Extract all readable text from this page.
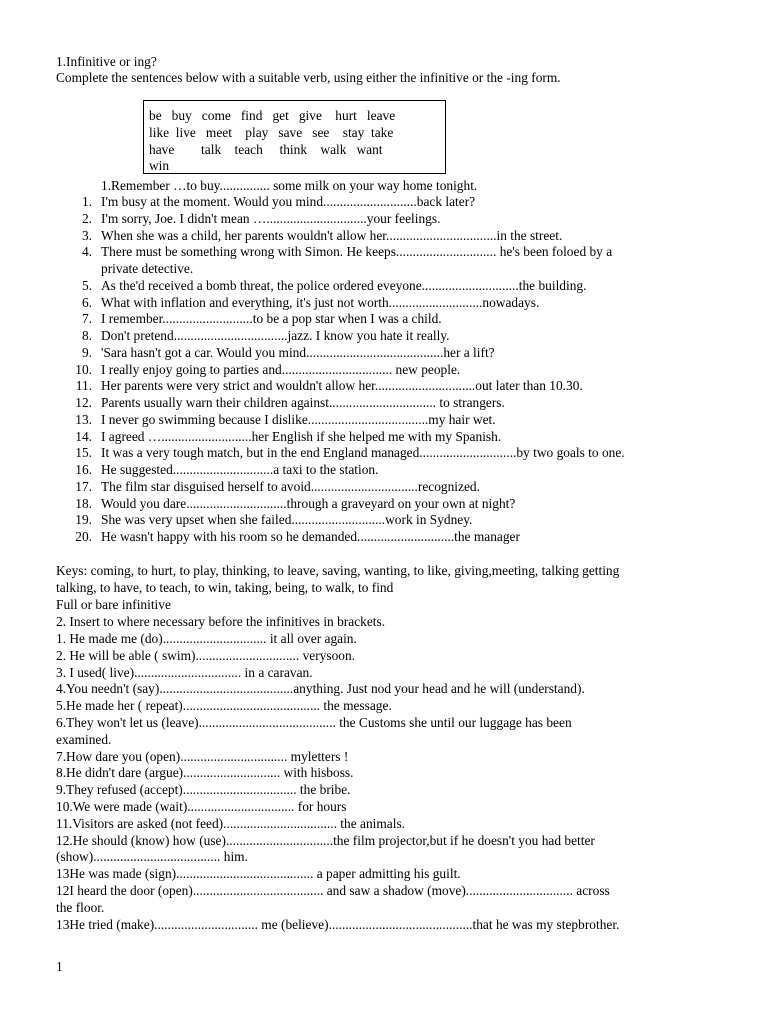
1.Infinitive or ing?
Complete the sentences below with a suitable verb, using either the infinitive or the -ing form.
be   buy   come   find   get   give    hurt   leave
like  live   meet    play   save   see    stay  take
have        talk    teach     think    walk   want
win
1.Remember …to buy............... some milk on your way home tonight.
1. I'm busy at the moment. Would you mind............................back later?
2. I'm sorry, Joe. I didn't mean …..............................your feelings.
3. When she was a child, her parents wouldn't allow her.................................in the street.
4. There must be something wrong with Simon. He keeps.............................. he's been foloed by a
private detective.
5. As the'd received a bomb threat, the police ordered eveyone.............................the building.
6. What with inflation and everything, it's just not worth............................nowadays.
7. I remember...........................to be a pop star when I was a child.
8. Don't pretend..................................jazz. I know you hate it really.
9. 'Sara hasn't got a car. Would you mind.........................................her a lift?
10. I really enjoy going to parties and................................. new people.
11. Her parents were very strict and wouldn't allow her..............................out later than 10.30.
12. Parents usually warn their children against................................ to strangers.
13. I never go swimming because I dislike....................................my hair wet.
14. I agreed …...........................her English if she helped me with my Spanish.
15. It was a very tough match, but in the end England managed.............................by two goals to one.
16. He suggested..............................a taxi to the station.
17. The film star disguised herself to avoid................................recognized.
18. Would you dare..............................through a graveyard on your own at night?
19. She was very upset when she failed............................work in Sydney.
20. He wasn't happy with his room so he demanded.............................the manager
Keys: coming, to hurt, to play, thinking, to leave, saving, wanting, to like, giving,meeting, talking getting
talking, to have, to teach, to win, taking, being, to walk, to find
Full or bare infinitive
2. Insert to where necessary before the infinitives in brackets.
1. He made me (do)............................... it all over again.
2. He will be able ( swim)............................... verysoon.
3. I used( live)................................ in a caravan.
4.You needn't (say)........................................anything. Just nod your head and he will (understand).
5.He made her ( repeat)......................................... the message.
6.They won't let us (leave)......................................... the Customs she until our luggage has been
examined.
7.How dare you (open)................................ myletters !
8.He didn't dare (argue)............................. with hisboss.
9.They refused (accept).................................. the bribe.
10.We were made (wait)................................ for hours
11.Visitors are asked (not feed).................................. the animals.
12.He should (know) how (use)................................the film projector,but if he doesn't you had better
(show)...................................... him.
13He was made (sign)......................................... a paper admitting his guilt.
12I heard the door (open)....................................... and saw a shadow (move)................................ across
the floor.
13He tried (make)............................... me (believe)...........................................that he was my stepbrother.
1
